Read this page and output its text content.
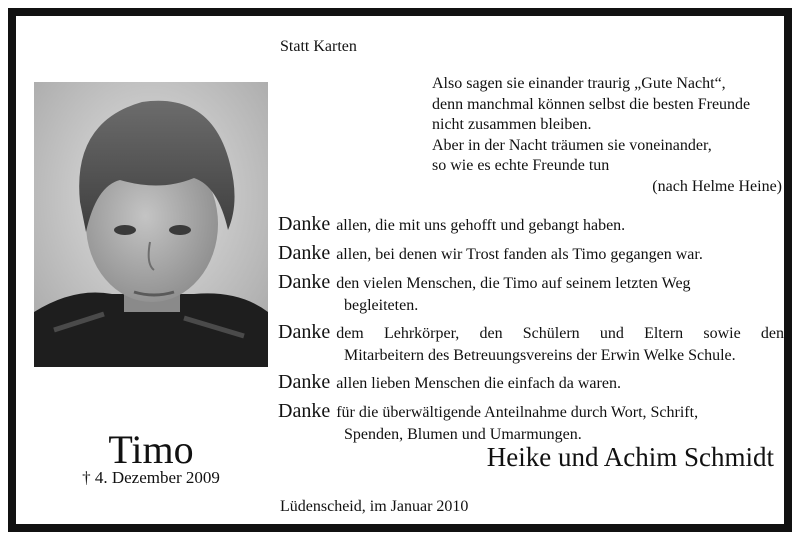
Statt Karten
Also sagen sie einander traurig „Gute Nacht“,
denn manchmal können selbst die besten Freunde
nicht zusammen bleiben.
Aber in der Nacht träumen sie voneinander,
so wie es echte Freunde tun
(nach Helme Heine)
Danke allen, die mit uns gehofft und gebangt haben.
Danke allen, bei denen wir Trost fanden als Timo gegangen war.
Danke den vielen Menschen, die Timo auf seinem letzten Weg
begleiteten.
Danke dem Lehrkörper, den Schülern und Eltern sowie den
Mitarbeitern des Betreuungsvereins der Erwin Welke Schule.
Danke allen lieben Menschen die einfach da waren.
Danke für die überwältigende Anteilnahme durch Wort, Schrift,
Spenden, Blumen und Umarmungen.
Heike und Achim Schmidt
Timo
† 4. Dezember 2009
Lüdenscheid, im Januar 2010
